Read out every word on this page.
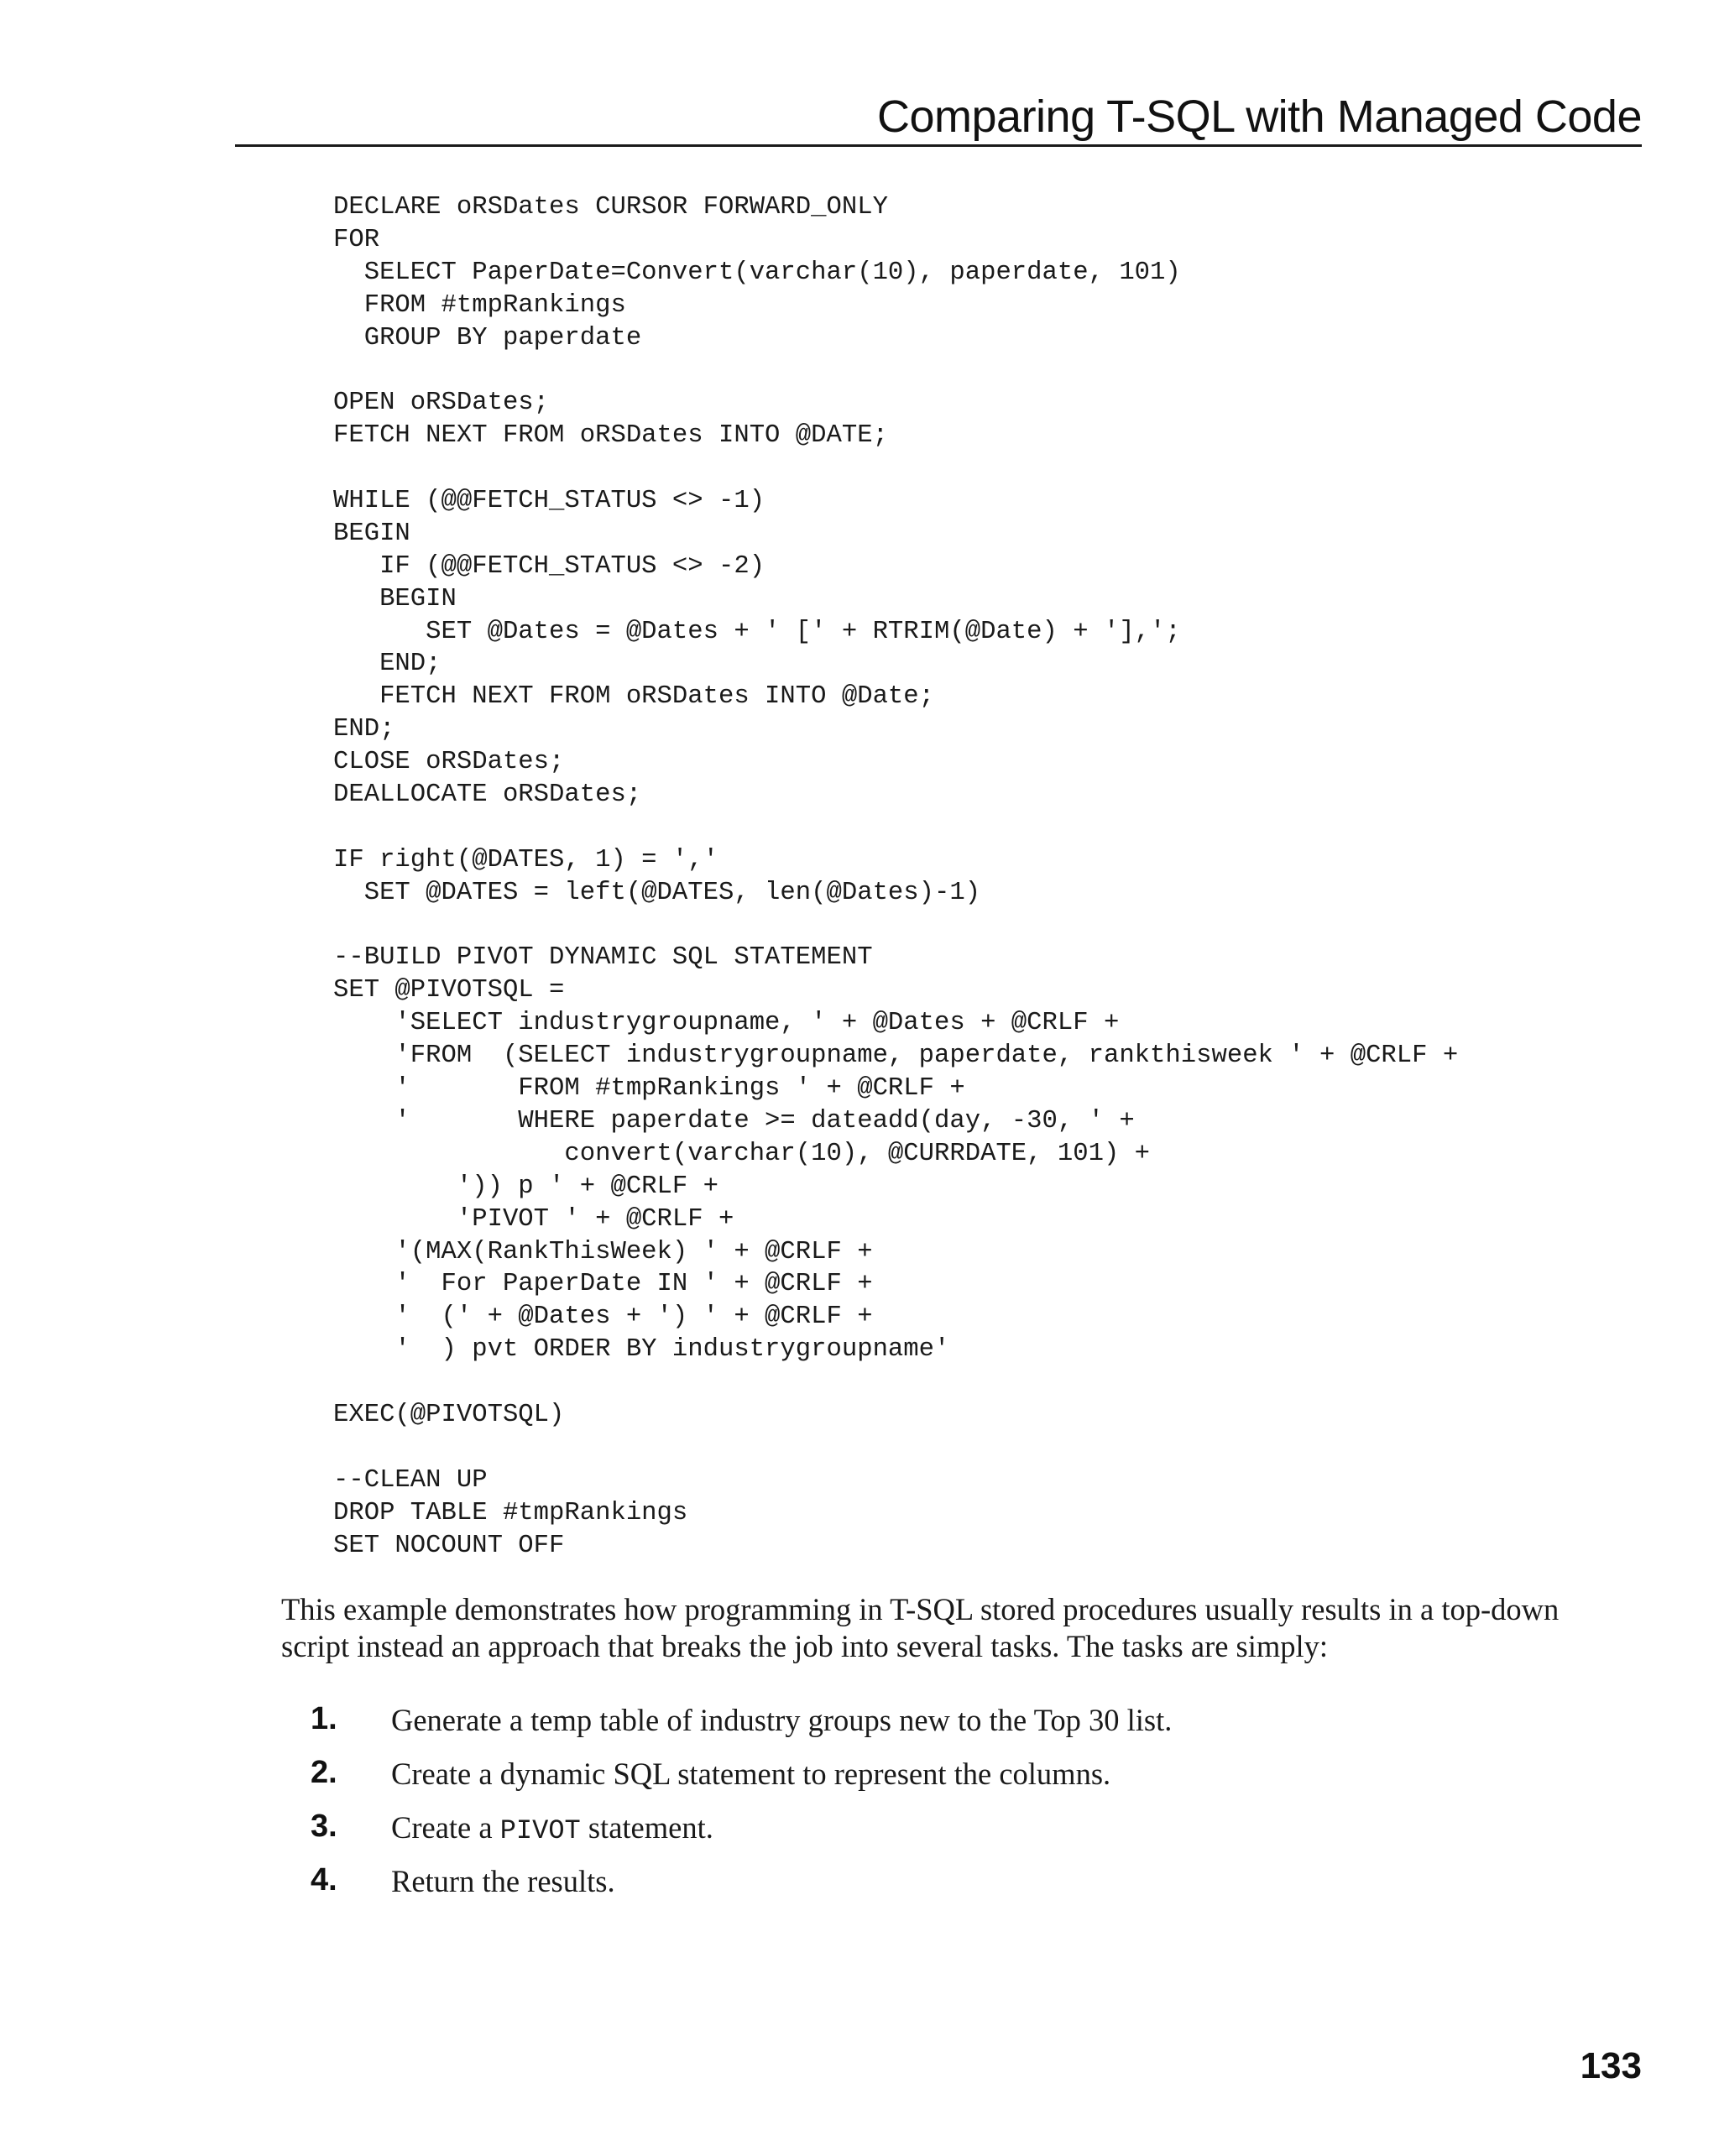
Comparing T-SQL with Managed Code
DECLARE oRSDates CURSOR FORWARD_ONLY
FOR
SELECT PaperDate=Convert(varchar(10), paperdate, 101)
FROM #tmpRankings
GROUP BY paperdate
OPEN oRSDates;
FETCH NEXT FROM oRSDates INTO @DATE;
WHILE (@@FETCH_STATUS <> -1)
BEGIN
IF (@@FETCH_STATUS <> -2)
BEGIN
SET @Dates = @Dates + ' [' + RTRIM(@Date) + '],';
END;
FETCH NEXT FROM oRSDates INTO @Date;
END;
CLOSE oRSDates;
DEALLOCATE oRSDates;
IF right(@DATES, 1) = ','
SET @DATES = left(@DATES, len(@Dates)-1)
--BUILD PIVOT DYNAMIC SQL STATEMENT
SET @PIVOTSQL =
'SELECT industrygroupname, ' + @Dates + @CRLF +
'FROM  (SELECT industrygroupname, paperdate, rankthisweek ' + @CRLF +
'       FROM #tmpRankings ' + @CRLF +
'       WHERE paperdate >= dateadd(day, -30, ' +
convert(varchar(10), @CURRDATE, 101) +
')) p ' + @CRLF +
'PIVOT ' + @CRLF +
'(MAX(RankThisWeek) ' + @CRLF +
'  For PaperDate IN ' + @CRLF +
'  (' + @Dates + ') ' + @CRLF +
'  ) pvt ORDER BY industrygroupname'
EXEC(@PIVOTSQL)
--CLEAN UP
DROP TABLE #tmpRankings
SET NOCOUNT OFF

This example demonstrates how programming in T-SQL stored procedures usually results in a top-down
script instead an approach that breaks the job into several tasks. The tasks are simply:

1. Generate a temp table of industry groups new to the Top 30 list.
2. Create a dynamic SQL statement to represent the columns.
3. Create a PIVOT statement.
4. Return the results.
133
